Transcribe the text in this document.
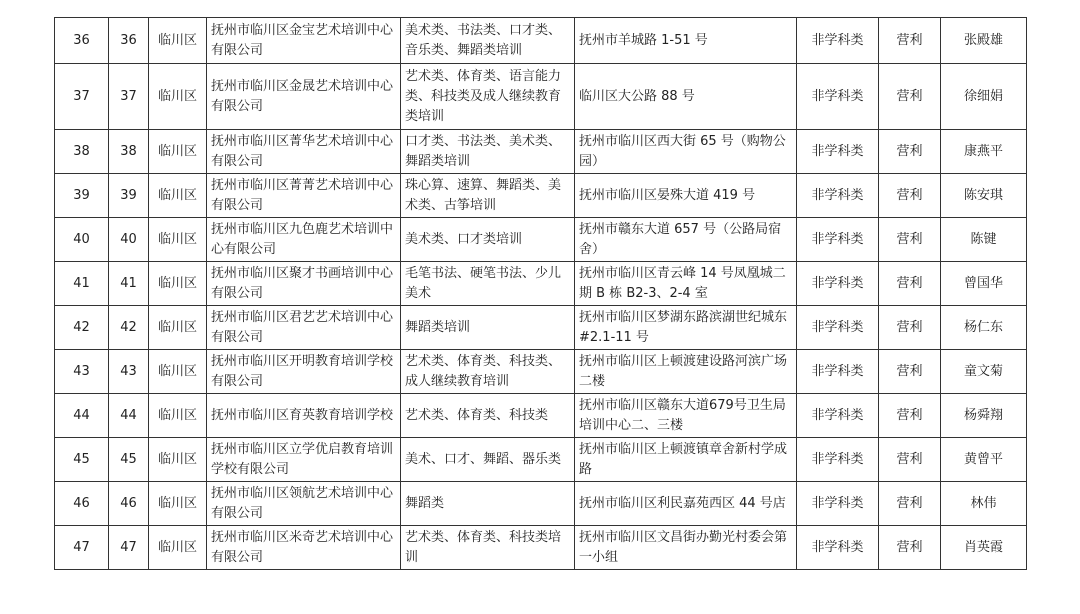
36	36	临川区	抚州市临川区金宝艺术培训中心有限公司	美术类、书法类、口才类、音乐类、舞蹈类培训	抚州市羊城路 1-51 号	非学科类	营利	张殿雄
37	37	临川区	抚州市临川区金晟艺术培训中心有限公司	艺术类、体育类、语言能力类、科技类及成人继续教育类培训	临川区大公路 88 号	非学科类	营利	徐细娟
38	38	临川区	抚州市临川区菁华艺术培训中心有限公司	口才类、书法类、美术类、舞蹈类培训	抚州市临川区西大街 65 号（购物公园）	非学科类	营利	康燕平
39	39	临川区	抚州市临川区菁菁艺术培训中心有限公司	珠心算、速算、舞蹈类、美术类、古筝培训	抚州市临川区晏殊大道 419 号	非学科类	营利	陈安琪
40	40	临川区	抚州市临川区九色鹿艺术培训中心有限公司	美术类、口才类培训	抚州市赣东大道 657 号（公路局宿舍）	非学科类	营利	陈键
41	41	临川区	抚州市临川区聚才书画培训中心有限公司	毛笔书法、硬笔书法、少儿美术	抚州市临川区青云峰 14 号凤凰城二期 B 栋 B2-3、2-4 室	非学科类	营利	曾国华
42	42	临川区	抚州市临川区君艺艺术培训中心有限公司	舞蹈类培训	抚州市临川区梦湖东路滨湖世纪城东#2.1-11 号	非学科类	营利	杨仁东
43	43	临川区	抚州市临川区开明教育培训学校有限公司	艺术类、体育类、科技类、成人继续教育培训	抚州市临川区上顿渡建设路河滨广场二楼	非学科类	营利	童文菊
44	44	临川区	抚州市临川区育英教育培训学校	艺术类、体育类、科技类	抚州市临川区赣东大道679号卫生局培训中心二、三楼	非学科类	营利	杨舜翔
45	45	临川区	抚州市临川区立学优启教育培训学校有限公司	美术、口才、舞蹈、器乐类	抚州市临川区上顿渡镇章舍新村学成路	非学科类	营利	黄曾平
46	46	临川区	抚州市临川区领航艺术培训中心有限公司	舞蹈类	抚州市临川区利民嘉苑西区 44 号店	非学科类	营利	林伟
47	47	临川区	抚州市临川区米奇艺术培训中心有限公司	艺术类、体育类、科技类培训	抚州市临川区文昌街办勤光村委会第一小组	非学科类	营利	肖英霞
